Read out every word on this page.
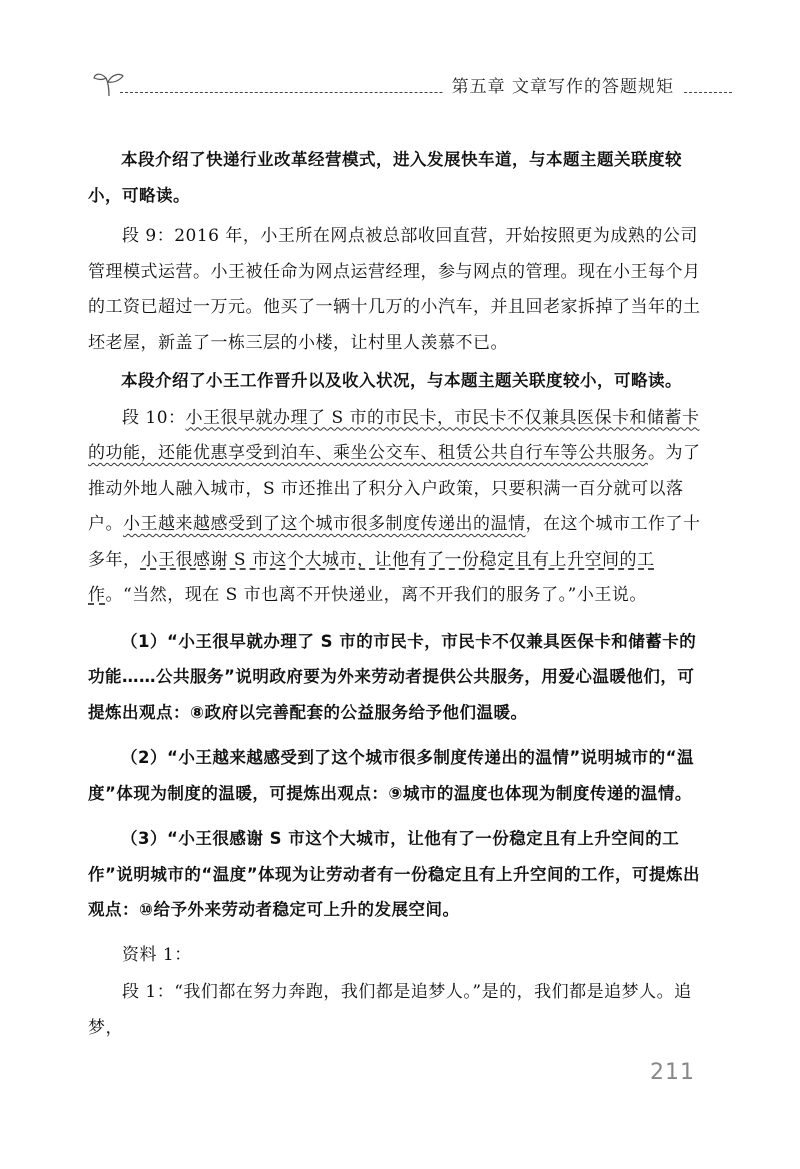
第五章 文章写作的答题规矩

本段介绍了快递行业改革经营模式，进入发展快车道，与本题主题关联度较小，可略读。

段 9：2016 年，小王所在网点被总部收回直营，开始按照更为成熟的公司管理模式运营。小王被任命为网点运营经理，参与网点的管理。现在小王每个月的工资已超过一万元。他买了一辆十几万的小汽车，并且回老家拆掉了当年的土坯老屋，新盖了一栋三层的小楼，让村里人羡慕不已。

本段介绍了小王工作晋升以及收入状况，与本题主题关联度较小，可略读。

段 10：小王很早就办理了 S 市的市民卡，市民卡不仅兼具医保卡和储蓄卡的功能，还能优惠享受到泊车、乘坐公交车、租赁公共自行车等公共服务。为了推动外地人融入城市，S 市还推出了积分入户政策，只要积满一百分就可以落户。小王越来越感受到了这个城市很多制度传递出的温情，在这个城市工作了十多年，小王很感谢 S 市这个大城市，让他有了一份稳定且有上升空间的工作。“当然，现在 S 市也离不开快递业，离不开我们的服务了。”小王说。

（1）“小王很早就办理了 S 市的市民卡，市民卡不仅兼具医保卡和储蓄卡的功能……公共服务”说明政府要为外来劳动者提供公共服务，用爱心温暖他们，可提炼出观点：⑧政府以完善配套的公益服务给予他们温暖。

（2）“小王越来越感受到了这个城市很多制度传递出的温情”说明城市的“温度”体现为制度的温暖，可提炼出观点：⑨城市的温度也体现为制度传递的温情。

（3）“小王很感谢 S 市这个大城市，让他有了一份稳定且有上升空间的工作”说明城市的“温度”体现为让劳动者有一份稳定且有上升空间的工作，可提炼出观点：⑩给予外来劳动者稳定可上升的发展空间。

资料 1：

段 1：“我们都在努力奔跑，我们都是追梦人。”是的，我们都是追梦人。追梦，

211
